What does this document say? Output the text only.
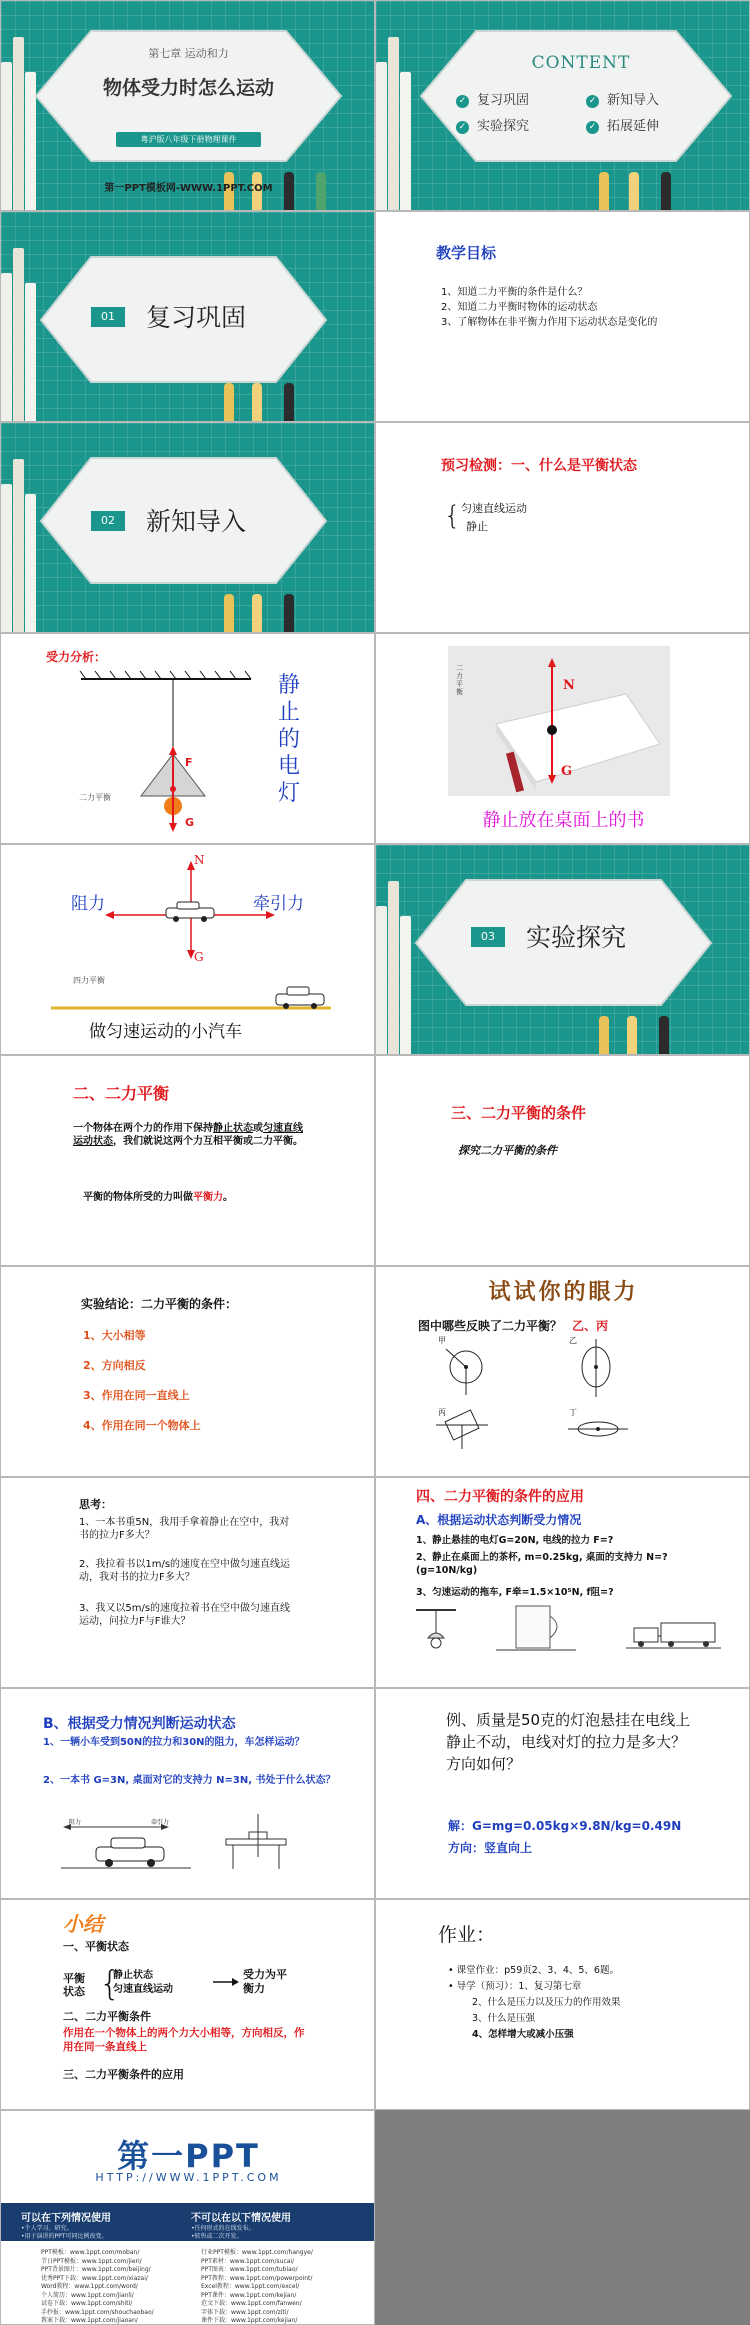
第七章 运动和力
物体受力时怎么运动
粤沪版八年级下册物理课件
第一PPT模板网-WWW.1PPT.COM
CONTENT
✓ 复习巩固	✓ 新知导入
✓ 实验探究	✓ 拓展延伸
01	复习巩固
教学目标
1、知道二力平衡的条件是什么？
2、知道二力平衡时物体的运动状态
3、了解物体在非平衡力作用下运动状态是变化的
02	新知导入
预习检测：一、什么是平衡状态
{ 匀速直线运动
静止
受力分析：
F
G
二力平衡
静止的电灯
N
G
二力平衡
静止放在桌面上的书
N
G
阻力	牵引力
四力平衡
做匀速运动的小汽车
03	实验探究
二、二力平衡
一个物体在两个力的作用下保持静止状态或匀速直线运动状态，我们就说这两个力互相平衡或二力平衡。
平衡的物体所受的力叫做平衡力。
三、二力平衡的条件
探究二力平衡的条件
实验结论：二力平衡的条件：
1、大小相等
2、方向相反
3、作用在同一直线上
4、作用在同一个物体上
试试你的眼力
图中哪些反映了二力平衡？ 乙、丙
甲	乙
丙	丁
思考：
1、一本书重5N，我用手拿着静止在空中，我对书的拉力F多大？
2、我拉着书以1m/s的速度在空中做匀速直线运动，我对书的拉力F多大？
3、我又以5m/s的速度拉着书在空中做匀速直线运动，问拉力F与F谁大？
四、二力平衡的条件的应用
A、根据运动状态判断受力情况
1、静止悬挂的电灯G=20N, 电线的拉力 F=?
2、静止在桌面上的茶杯, m=0.25kg, 桌面的支持力 N=?(g=10N/kg)
3、匀速运动的拖车, F牵=1.5×10⁵N, f阻=?
B、根据受力情况判断运动状态
1、一辆小车受到50N的拉力和30N的阻力，车怎样运动？
2、一本书 G=3N, 桌面对它的支持力 N=3N, 书处于什么状态？
阻力	牵引力
例、质量是50克的灯泡悬挂在电线上静止不动，电线对灯的拉力是多大？方向如何？
解：G=mg=0.05kg×9.8N/kg=0.49N
方向：竖直向上
小结
一、平衡状态
平衡状态 {
静止状态
匀速直线运动
受力为平衡力
二、二力平衡条件
作用在一个物体上的两个力大小相等，方向相反，作用在同一条直线上
三、二力平衡条件的应用
作业：
• 课堂作业：p59页2、3、4、5、6题。
• 导学（预习）：1、复习第七章
2、什么是压力以及压力的作用效果
3、什么是压强
4、怎样增大或减小压强
第一PPT
HTTP://WWW.1PPT.COM
可以在下列情况使用	不可以在以下情况使用
•个人学习、研究。
•用于演讲的PPT可同比例改变。
•任何形式的在线发布。
•转售或二次开发。
PPT模板：www.1ppt.com/moban/
节日PPT模板：www.1ppt.com/jieri/
PPT背景图片：www.1ppt.com/beijing/
优秀PPT下载：www.1ppt.com/xiazai/
Word教程：www.1ppt.com/word/
个人简历：www.1ppt.com/jianli/
试卷下载：www.1ppt.com/shiti/
手抄报：www.1ppt.com/shouchaobao/
教案下载：www.1ppt.com/jiaoan/
行业PPT模板：www.1ppt.com/hangye/
PPT素材：www.1ppt.com/sucai/
PPT图表：www.1ppt.com/tubiao/
PPT教程：www.1ppt.com/powerpoint/
Excel教程：www.1ppt.com/excel/
PPT课件：www.1ppt.com/kejian/
范文下载：www.1ppt.com/fanwen/
字体下载：www.1ppt.com/ziti/
课件下载：www.1ppt.com/kejian/
